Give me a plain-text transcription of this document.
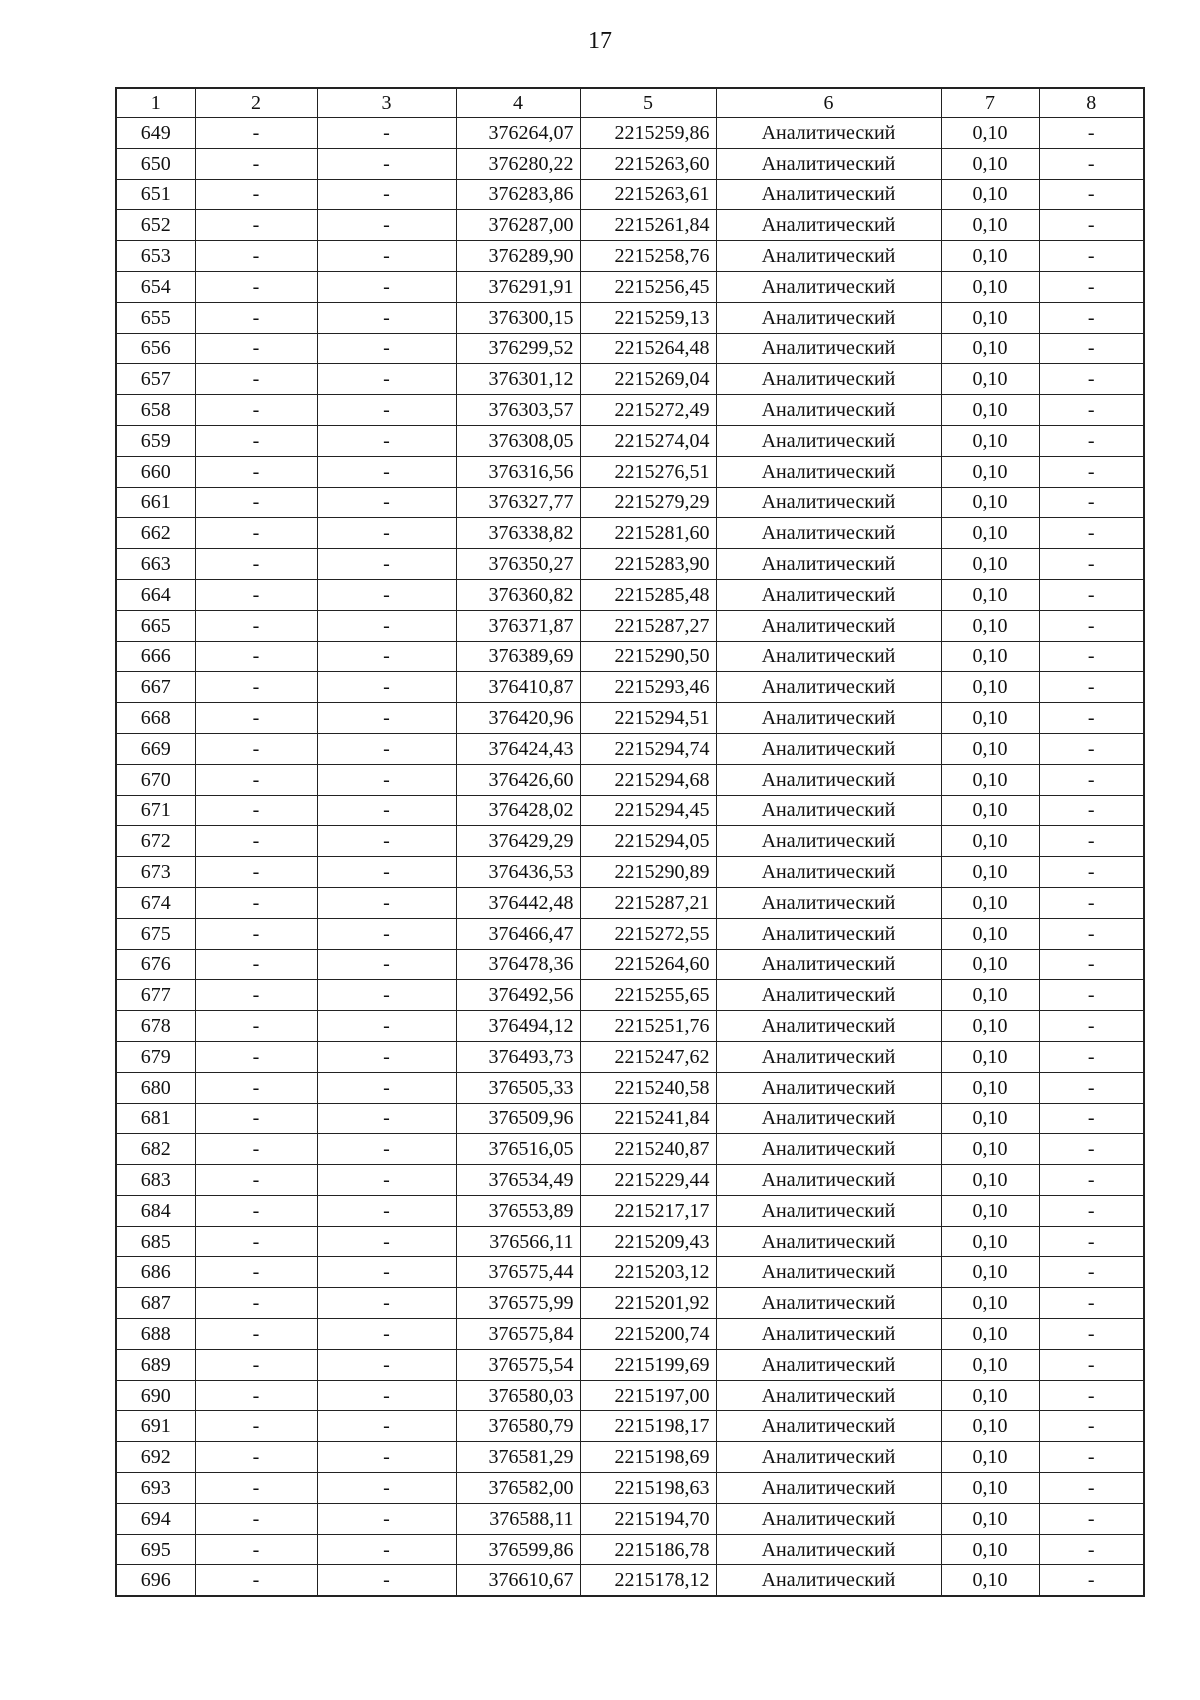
17
1	2	3	4	5	6	7	8
649	-	-	376264,07	2215259,86	Аналитический	0,10	-
650	-	-	376280,22	2215263,60	Аналитический	0,10	-
651	-	-	376283,86	2215263,61	Аналитический	0,10	-
652	-	-	376287,00	2215261,84	Аналитический	0,10	-
653	-	-	376289,90	2215258,76	Аналитический	0,10	-
654	-	-	376291,91	2215256,45	Аналитический	0,10	-
655	-	-	376300,15	2215259,13	Аналитический	0,10	-
656	-	-	376299,52	2215264,48	Аналитический	0,10	-
657	-	-	376301,12	2215269,04	Аналитический	0,10	-
658	-	-	376303,57	2215272,49	Аналитический	0,10	-
659	-	-	376308,05	2215274,04	Аналитический	0,10	-
660	-	-	376316,56	2215276,51	Аналитический	0,10	-
661	-	-	376327,77	2215279,29	Аналитический	0,10	-
662	-	-	376338,82	2215281,60	Аналитический	0,10	-
663	-	-	376350,27	2215283,90	Аналитический	0,10	-
664	-	-	376360,82	2215285,48	Аналитический	0,10	-
665	-	-	376371,87	2215287,27	Аналитический	0,10	-
666	-	-	376389,69	2215290,50	Аналитический	0,10	-
667	-	-	376410,87	2215293,46	Аналитический	0,10	-
668	-	-	376420,96	2215294,51	Аналитический	0,10	-
669	-	-	376424,43	2215294,74	Аналитический	0,10	-
670	-	-	376426,60	2215294,68	Аналитический	0,10	-
671	-	-	376428,02	2215294,45	Аналитический	0,10	-
672	-	-	376429,29	2215294,05	Аналитический	0,10	-
673	-	-	376436,53	2215290,89	Аналитический	0,10	-
674	-	-	376442,48	2215287,21	Аналитический	0,10	-
675	-	-	376466,47	2215272,55	Аналитический	0,10	-
676	-	-	376478,36	2215264,60	Аналитический	0,10	-
677	-	-	376492,56	2215255,65	Аналитический	0,10	-
678	-	-	376494,12	2215251,76	Аналитический	0,10	-
679	-	-	376493,73	2215247,62	Аналитический	0,10	-
680	-	-	376505,33	2215240,58	Аналитический	0,10	-
681	-	-	376509,96	2215241,84	Аналитический	0,10	-
682	-	-	376516,05	2215240,87	Аналитический	0,10	-
683	-	-	376534,49	2215229,44	Аналитический	0,10	-
684	-	-	376553,89	2215217,17	Аналитический	0,10	-
685	-	-	376566,11	2215209,43	Аналитический	0,10	-
686	-	-	376575,44	2215203,12	Аналитический	0,10	-
687	-	-	376575,99	2215201,92	Аналитический	0,10	-
688	-	-	376575,84	2215200,74	Аналитический	0,10	-
689	-	-	376575,54	2215199,69	Аналитический	0,10	-
690	-	-	376580,03	2215197,00	Аналитический	0,10	-
691	-	-	376580,79	2215198,17	Аналитический	0,10	-
692	-	-	376581,29	2215198,69	Аналитический	0,10	-
693	-	-	376582,00	2215198,63	Аналитический	0,10	-
694	-	-	376588,11	2215194,70	Аналитический	0,10	-
695	-	-	376599,86	2215186,78	Аналитический	0,10	-
696	-	-	376610,67	2215178,12	Аналитический	0,10	-
